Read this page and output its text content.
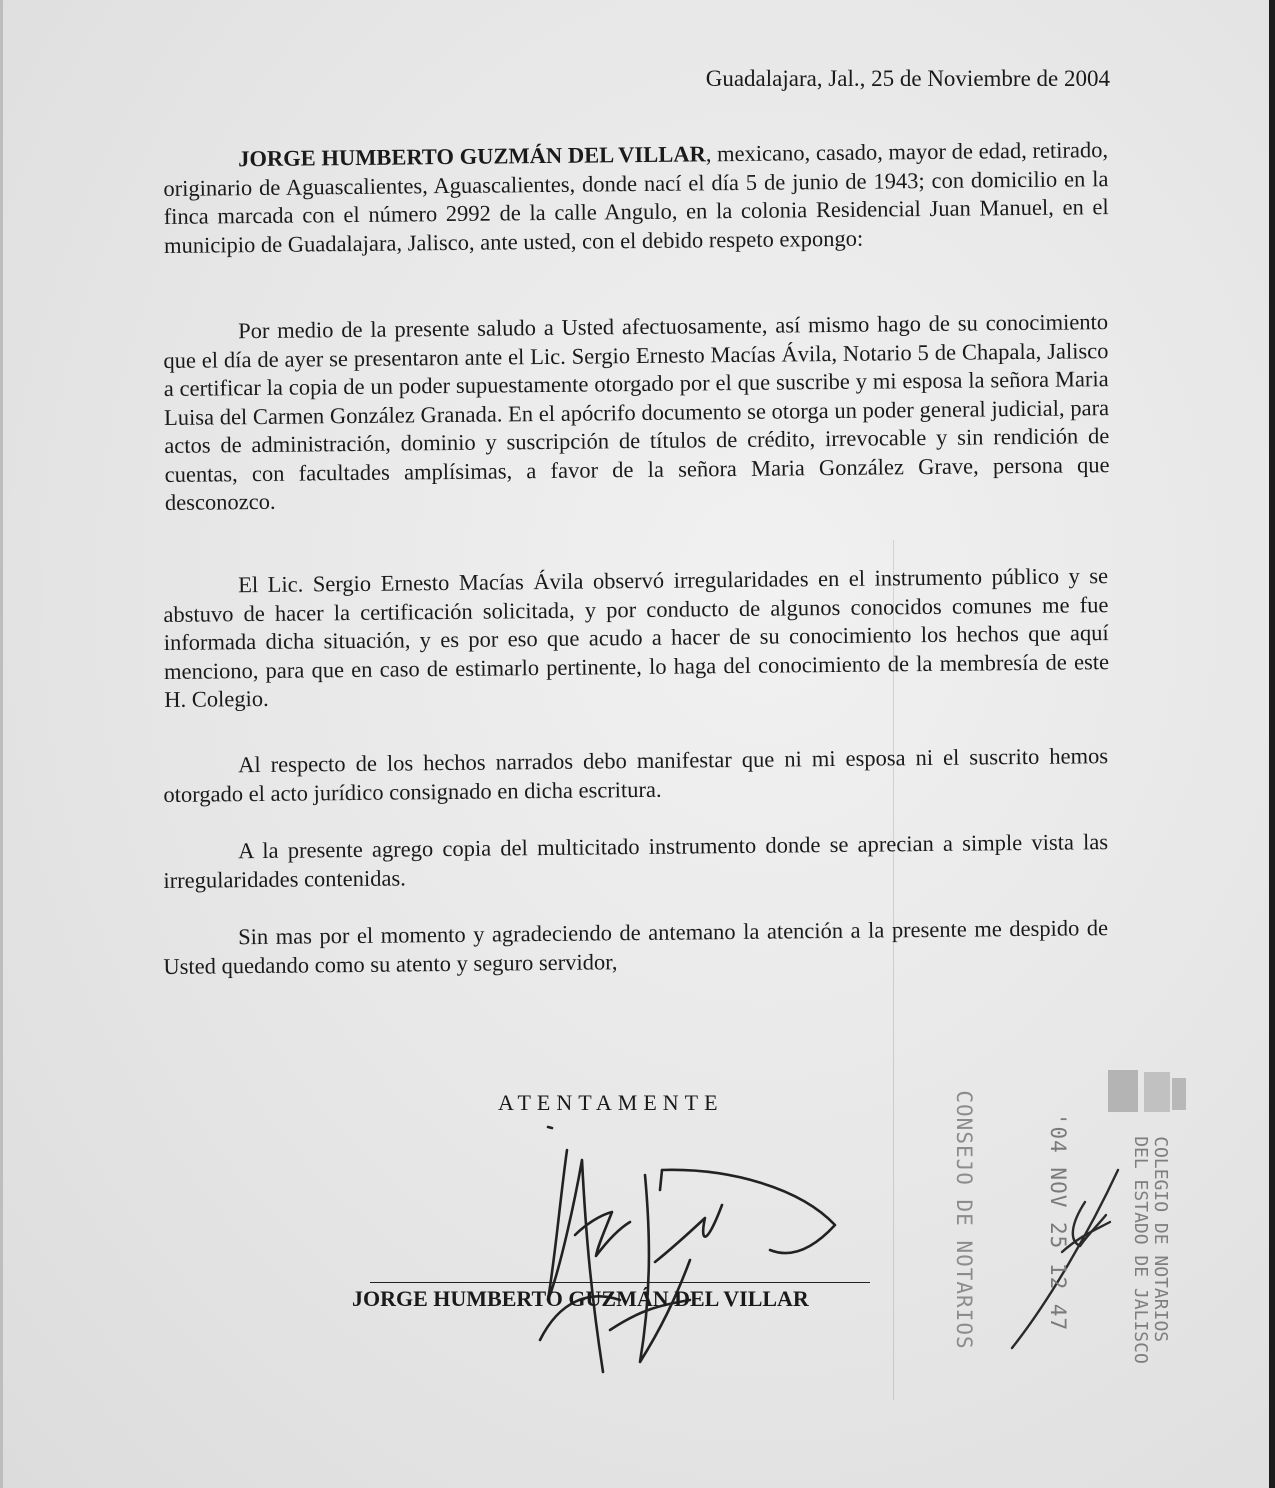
Guadalajara, Jal., 25 de Noviembre de 2004
JORGE HUMBERTO GUZMÁN DEL VILLAR, mexicano, casado, mayor de edad, retirado, originario de Aguascalientes, Aguascalientes, donde nací el día 5 de junio de 1943; con domicilio en la finca marcada con el número 2992 de la calle Angulo, en la colonia Residencial Juan Manuel, en el municipio de Guadalajara, Jalisco, ante usted, con el debido respeto expongo:
Por medio de la presente saludo a Usted afectuosamente, así mismo hago de su conocimiento que el día de ayer se presentaron ante el Lic. Sergio Ernesto Macías Ávila, Notario 5 de Chapala, Jalisco a certificar la copia de un poder supuestamente otorgado por el que suscribe y mi esposa la señora Maria Luisa del Carmen González Granada. En el apócrifo documento se otorga un poder general judicial, para actos de administración, dominio y suscripción de títulos de crédito, irrevocable y sin rendición de cuentas, con facultades amplísimas, a favor de la señora Maria González Grave, persona que desconozco.
El Lic. Sergio Ernesto Macías Ávila observó irregularidades en el instrumento público y se abstuvo de hacer la certificación solicitada, y por conducto de algunos conocidos comunes me fue informada dicha situación, y es por eso que acudo a hacer de su conocimiento los hechos que aquí menciono, para que en caso de estimarlo pertinente, lo haga del conocimiento de la membresía de este H. Colegio.
Al respecto de los hechos narrados debo manifestar que ni mi esposa ni el suscrito hemos otorgado el acto jurídico consignado en dicha escritura.
A la presente agrego copia del multicitado instrumento donde se aprecian a simple vista las irregularidades contenidas.
Sin mas por el momento y agradeciendo de antemano la atención a la presente me despido de Usted quedando como su atento y seguro servidor,
ATENTAMENTE
JORGE HUMBERTO GUZMÁN DEL VILLAR	CONSEJO DE NOTARIOS	'04 NOV 25 12 47	COLEGIO DE NOTARIOS
DEL ESTADO DE JALISCO
